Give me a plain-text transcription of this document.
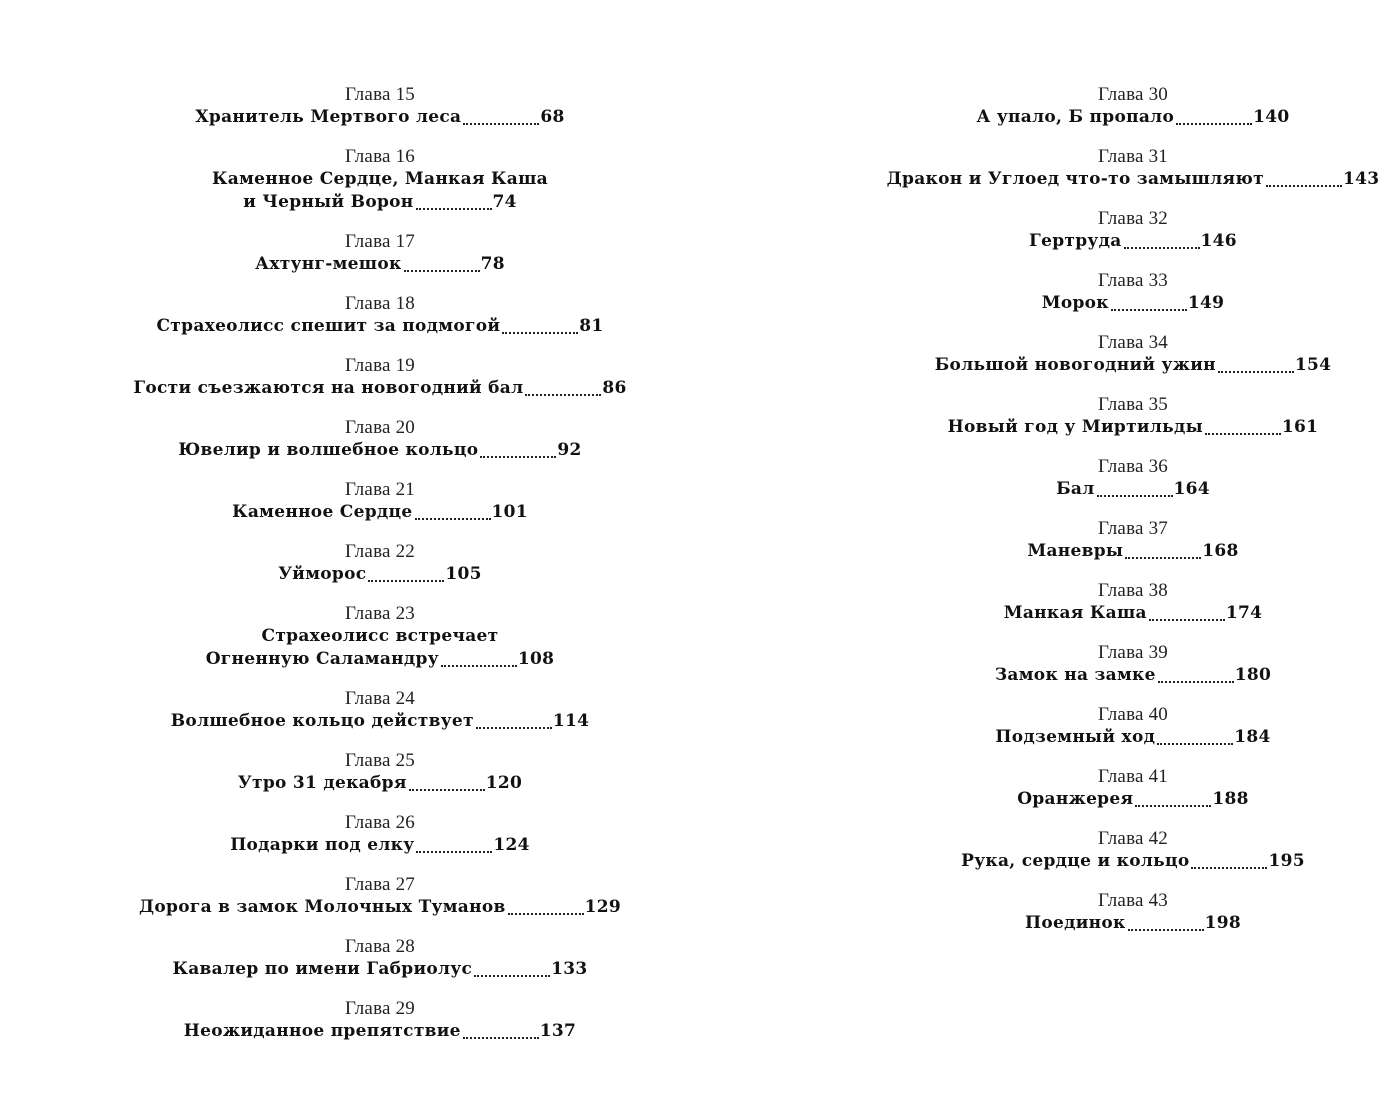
Глава 15
Хранитель Мертвого леса	68
Глава 16
Каменное Сердце, Манкая Каша
и Черный Ворон	74
Глава 17
Ахтунг-мешок	78
Глава 18
Страхеолисс спешит за подмогой	81
Глава 19
Гости съезжаются на новогодний бал	86
Глава 20
Ювелир и волшебное кольцо	92
Глава 21
Каменное Сердце	101
Глава 22
Уйморос	105
Глава 23
Страхеолисс встречает
Огненную Саламандру	108
Глава 24
Волшебное кольцо действует	114
Глава 25
Утро 31 декабря	120
Глава 26
Подарки под елку	124
Глава 27
Дорога в замок Молочных Туманов	129
Глава 28
Кавалер по имени Габриолус	133
Глава 29
Неожиданное препятствие	137
Глава 30
А упало, Б пропало	140
Глава 31
Дракон и Углоед что-то замышляют	143
Глава 32
Гертруда	146
Глава 33
Морок	149
Глава 34
Большой новогодний ужин	154
Глава 35
Новый год у Миртильды	161
Глава 36
Бал	164
Глава 37
Маневры	168
Глава 38
Манкая Каша	174
Глава 39
Замок на замке	180
Глава 40
Подземный ход	184
Глава 41
Оранжерея	188
Глава 42
Рука, сердце и кольцо	195
Глава 43
Поединок	198
